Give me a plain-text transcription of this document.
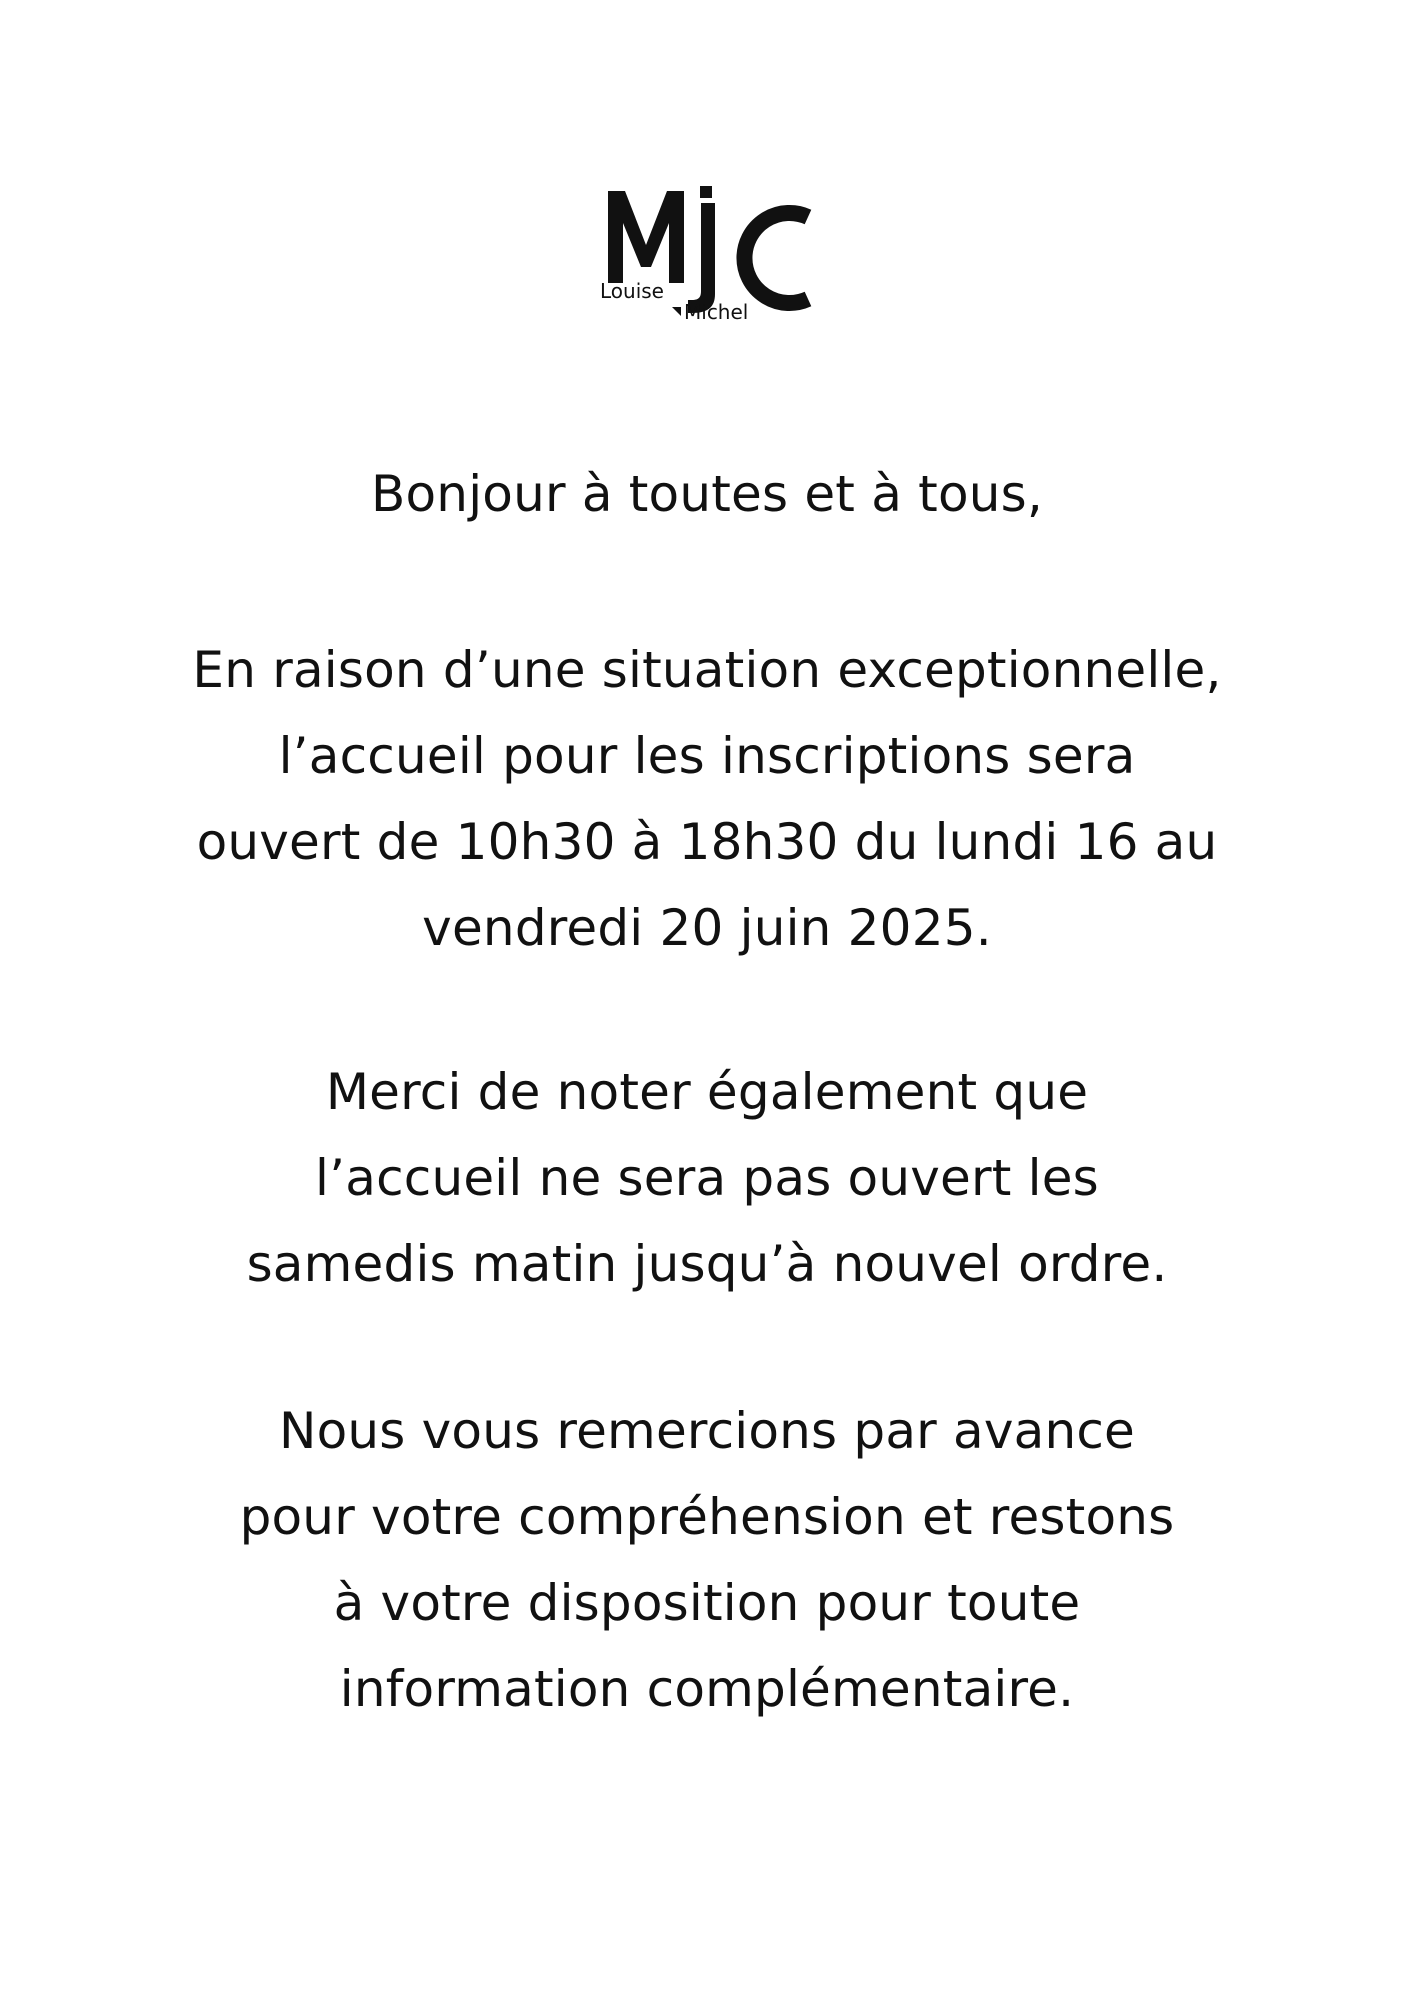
Louise
Michel
Bonjour à toutes et à tous,
En raison d’une situation exceptionnelle,
l’accueil pour les inscriptions sera
ouvert de 10h30 à 18h30 du lundi 16 au
vendredi 20 juin 2025.
Merci de noter également que
l’accueil ne sera pas ouvert les
samedis matin jusqu’à nouvel ordre.
Nous vous remercions par avance
pour votre compréhension et restons
à votre disposition pour toute
information complémentaire.
